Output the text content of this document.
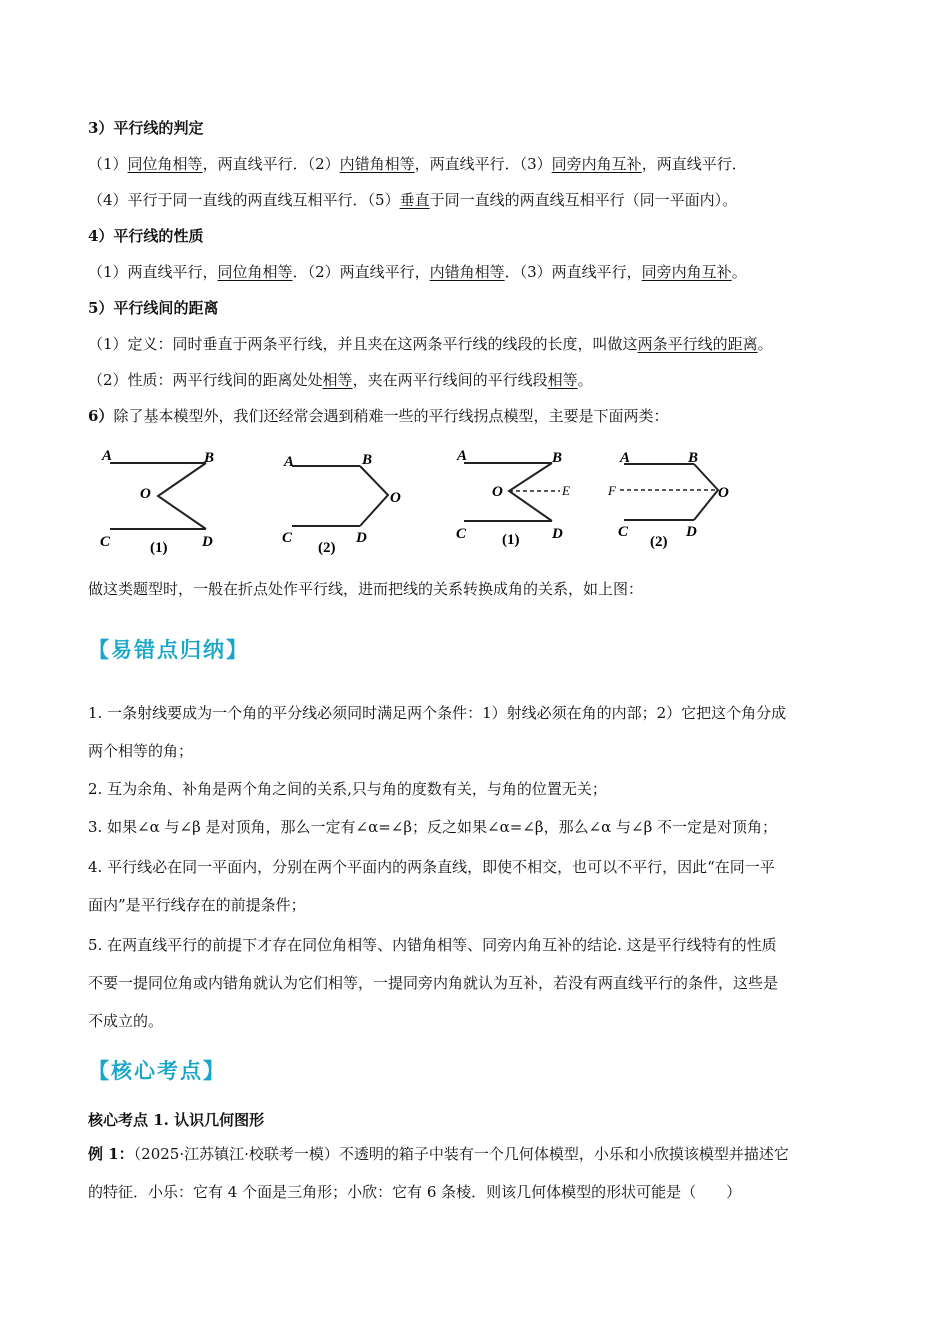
3）平行线的判定
（1）同位角相等，两直线平行．（2）内错角相等，两直线平行．（3）同旁内角互补，两直线平行．
（4）平行于同一直线的两直线互相平行．（5）垂直于同一直线的两直线互相平行（同一平面内）。
4）平行线的性质
（1）两直线平行，同位角相等．（2）两直线平行，内错角相等．（3）两直线平行，同旁内角互补。
5）平行线间的距离
（1）定义：同时垂直于两条平行线，并且夹在这两条平行线的线段的长度，叫做这两条平行线的距离。
（2）性质：两平行线间的距离处处相等，夹在两平行线间的平行线段相等。
6）除了基本模型外，我们还经常会遇到稍难一些的平行线拐点模型，主要是下面两类：
A	B
O
C	D
(1)
A	B
O
C	D
(2)
A	B
O	E
C	D
(1)
A	B
F	O
C	D
(2)
做这类题型时，一般在折点处作平行线，进而把线的关系转换成角的关系，如上图：
【易错点归纳】
1. 一条射线要成为一个角的平分线必须同时满足两个条件：1）射线必须在角的内部；2）它把这个角分成
两个相等的角；
2. 互为余角、补角是两个角之间的关系,只与角的度数有关，与角的位置无关；
3. 如果∠α 与∠β 是对顶角，那么一定有∠α=∠β；反之如果∠α=∠β，那么∠α 与∠β 不一定是对顶角；
4. 平行线必在同一平面内，分别在两个平面内的两条直线，即使不相交，也可以不平行，因此“在同一平
面内”是平行线存在的前提条件；
5. 在两直线平行的前提下才存在同位角相等、内错角相等、同旁内角互补的结论. 这是平行线特有的性质
不要一提同位角或内错角就认为它们相等，一提同旁内角就认为互补，若没有两直线平行的条件，这些是
不成立的。
【核心考点】
核心考点 1. 认识几何图形
例 1：（2025·江苏镇江·校联考一模）不透明的箱子中装有一个几何体模型，小乐和小欣摸该模型并描述它
的特征．小乐：它有 4 个面是三角形；小欣：它有 6 条棱．则该几何体模型的形状可能是（　　）
